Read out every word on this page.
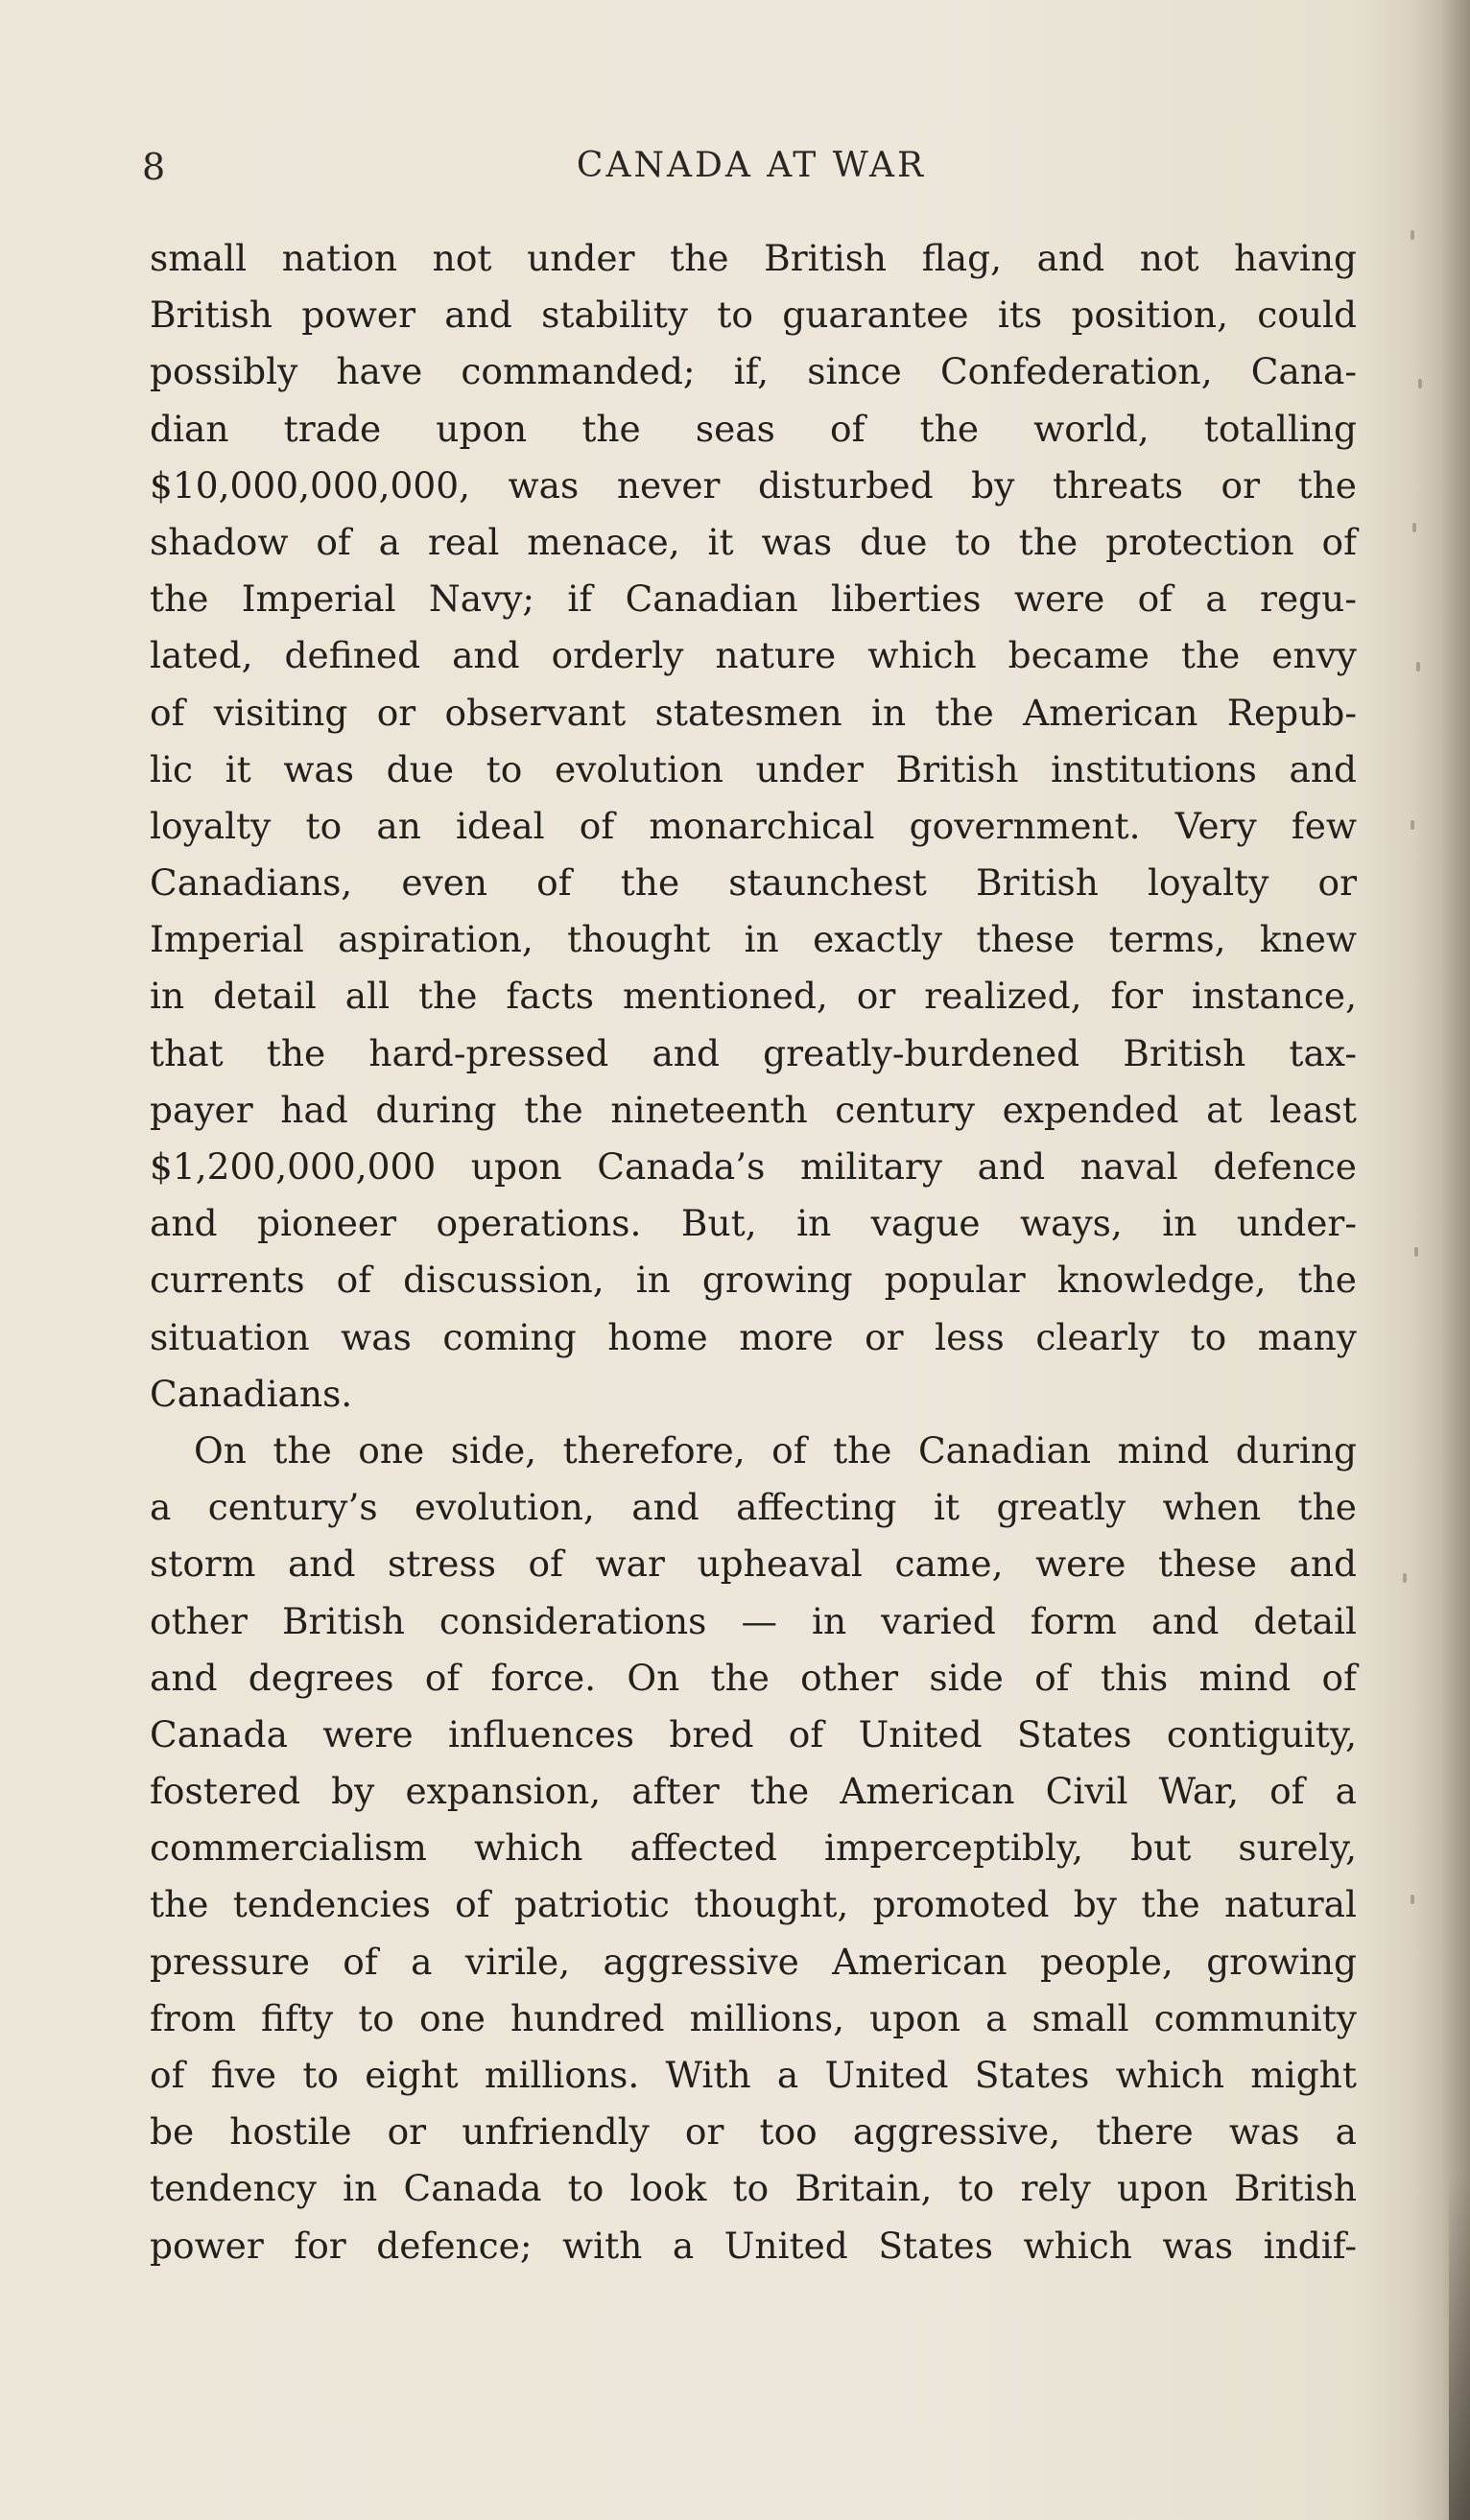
8	CANADA AT WAR
small nation not under the British flag, and not having
British power and stability to guarantee its position, could
possibly have commanded; if, since Confederation, Cana-
dian trade upon the seas of the world, totalling
$10,000,000,000, was never disturbed by threats or the
shadow of a real menace, it was due to the protection of
the Imperial Navy; if Canadian liberties were of a regu-
lated, defined and orderly nature which became the envy
of visiting or observant statesmen in the American Repub-
lic it was due to evolution under British institutions and
loyalty to an ideal of monarchical government. Very few
Canadians, even of the staunchest British loyalty or
Imperial aspiration, thought in exactly these terms, knew
in detail all the facts mentioned, or realized, for instance,
that the hard-pressed and greatly-burdened British tax-
payer had during the nineteenth century expended at least
$1,200,000,000 upon Canada’s military and naval defence
and pioneer operations. But, in vague ways, in under-
currents of discussion, in growing popular knowledge, the
situation was coming home more or less clearly to many
Canadians.
On the one side, therefore, of the Canadian mind during
a century’s evolution, and affecting it greatly when the
storm and stress of war upheaval came, were these and
other British considerations — in varied form and detail
and degrees of force. On the other side of this mind of
Canada were influences bred of United States contiguity,
fostered by expansion, after the American Civil War, of a
commercialism which affected imperceptibly, but surely,
the tendencies of patriotic thought, promoted by the natural
pressure of a virile, aggressive American people, growing
from fifty to one hundred millions, upon a small community
of five to eight millions. With a United States which might
be hostile or unfriendly or too aggressive, there was a
tendency in Canada to look to Britain, to rely upon British
power for defence; with a United States which was indif-
